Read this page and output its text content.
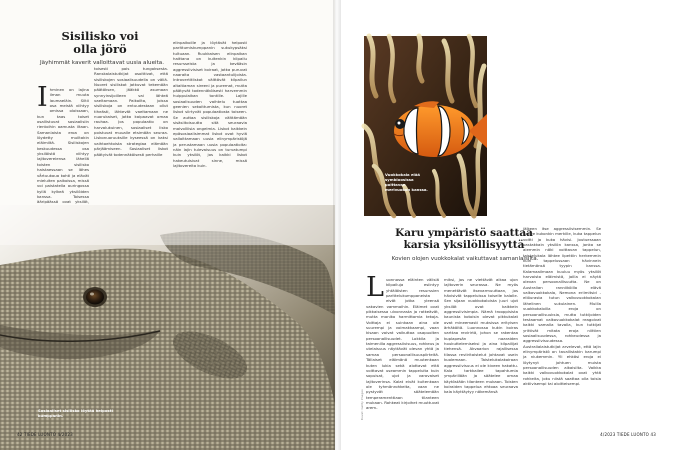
Sisilisko voi
olla jörö
Jäyhimmät kaverit valloittavat uusia alueita.
Ihminen on lajina ilman muuta laumaeläin. Siltii osa meistä viihtyy omissa oloissaan, kun taas toiset osallistuvat sosiaalisiin rientoihin aamusta iltaan. Samanlaista eroa on löydetty muiltakin eläimiltä. Sisiliskojen keskuudessa osa yksilöistä viihtyy lajitovereiensa lähellä toisten sisilisko haistaessaan se lähes vårtuukoua kohti ja elävät mieluiten paikoissa, missä voi paistatella auringossa kyllä kylkeä yksilöiden kanssa. Toisessa ääripäässä ovat yksilöt,
toisesti pois tungoksesta. Ranskalaistutkijat osoittivat, että sisiliskojen sosiaalisuudella on väliä. Nuoret sisiliskot jatkuvat tekemään päätöksen, jääkkö asumaan synnyinsijoilleen vai lähteä vaeltamaan. Paikoilta, joissa sisiliskoja on entuudestaan ollut tiheästi, lähtevät vaeltamaan ne nuorukaiset, jotka kaipaavat omaa rauhaa. Jos populaatio on harvalukuinen, sosiaaliset lisko poistuvat muualle etsimään seuraa. Liskonuoruuksille kyseessä on kaksi vaihtoehtoista strategiaa elämään pärjäämiseen. Sosiaaliset liskot päätyivät todennäköisesti perhaille
elinpaikoille ja löytävät helposti parittumiskumppanin sukukypsäksi tultuaan. Ruukkaisen elinpaikan haittana on kuitenkin kilpailu resursseista ja kevääsin aggressiivisiset koiraat, jotka puruvat naaraita vastaantulijoista. Introvertitliskot välttävät kilpailun altaitiaman sireeni ja puremat, mutta päätyvät todennäköisesti harvemmin huippulaikan tontille. Lajille sosiaalisuuden vaihtelu tuottaa geenien sekoittumista, kun nuoret liskot siirtyvät populaatiosta toiseen. Se auttaa sisiliskoja välttämään sisäsiitoisuutta sitä seuraavia malvolliisia ongelmia. Liskot kaikkein epäsosiaalisimmat liskot ovat hyviä valloittamaan uusia elinympäristöjä ja perustamaan uusia populaatioita: näin lajin tulevaisuus on turvatumpi kuin yksilöt, jos kaikki liskot hakeutuisivat sinne, missä lajitovereita kuin.
Sosiaaliset sisilisko löytää helposti kumppanin.
42 TIEDE LUONTO 4/2023
Vuokkokala elää symbioosissa polttavan merivuokon kanssa.
Karu ympäristö saattaa
karsia yksilöllisyyttä
Kovien olojen vuokkokalat vaikuttavat samanlaisilta.
Luonnossa eläinten välisiä kilpailuja esiintyy yhtäläisten resurssien parittelukumppaneista eivät jotka yleensä vakavien vammoihin. Eläimet ovat pikkaisessa ulvonnasta ja ratkeävät, mutta moniko harmittomia tekoja. Voittaja ei suinkaan aina ole suurempi ja voimakkaampi, vaan kisaan voivat vaikuttaa osapuolten persoonallisuudet. Lokkila ja taimenilla aggressiivisuus, rohkeus ja utelaisuus näyttävät olevan yhtä ja samaa persoonallisuuspiirteitä. Tällaiset eläimänä muutenkaan kuten lukia sekä alottavat että voittavat useammin tappeluita kuin sopuisat, ujot ja varovaiset lajitoverinsa. Kalat eivät kuitenkaan ole tyhmänrohkeita, vaan ne pystyvät säätelemään temperamenttiaan tilanteen mukaan. Rohkeat kirjoihet muuttuvat arem-
miksi, jos ne viettävät aikaa ujon lajitoverin seurassa. Ne myös menettävät itsevarmuuttaan, jos hävisivät tappeluissa toiselle kalalle. Sen sijaan vuokkokaloista juuri ujot yksilöt ovat kaikkein aggressiivisimpia. Nämä trooppisista kaunista kotoisin olevat pikkukalat ovat mineemasti muksissa erityisen ärhäköitä. Luonnossa kukin koiras varttaa revirirtä, johon se rakentaa kuplapesän naaraiden houkuttelemiseksi ja aina kilpailijat tiehensä. Akvaarion rajallisessa tilassa reviiritaistelut johtavat usein kuolemaan. Taistelukalakoiraan aggressiivisuus ei ole kiveen hakattu. Kala tarkkailee tapahtumia ympärillään ja säätelee omaa käytöstään tilanteen mukaan. Toisten koiraiden tappelua ehtoaa seuraava kala käyttäytyy näkemänsä
jälkeen itse aggressiivisemmin. Se panee kukonkin merkille, kuka tappelun voitti ja kuka hävisi. Joutuessaan vastakkain yksilön kanssa, jonka se aiemmin näki voittavan tappelun, taistelukala lähtee lipettiin herkemmin kuin tappelussaan hävinnein tietämänsä tyypin kanssa. Kalamaailmaan kuuluu myös yksilöt harvoista eläimistä, joilla ei näytä olevan persoonallisuutta. Ne on Australian ranniiköilla elävä valkovuokkokala, Nemona eriimitsid -eliöurasta tutun valkovuokkokalan lähelinen sukulainen. Muilla vuokkokaloilla eroja on persoonallisuuksia, mutta tutkijoiden testaamat valkovuokkokalat reagoivat kaikki samalla tavalla, kun tutkijat yrittivät mitata eroja niittien sosiaalisuudessa, rohkeudessa ja aggressiivisuudessa. Australialaistutkijat arvelevat, että lajin elinympäristö on tavallistakin karumpi ja niukemmin. Yli ehkäsi eroja ei löytynyt johtuen muista persoonallisuuden aikaisilta. Vaikka kaikki valkovuokkokalat ovat yhtä rohkeita, joku niistä saattaa olla toisia aktiivisempi tai aloitteisempi.
Kuvat: Getty Images
4/2023 TIEDE LUONTO 43
